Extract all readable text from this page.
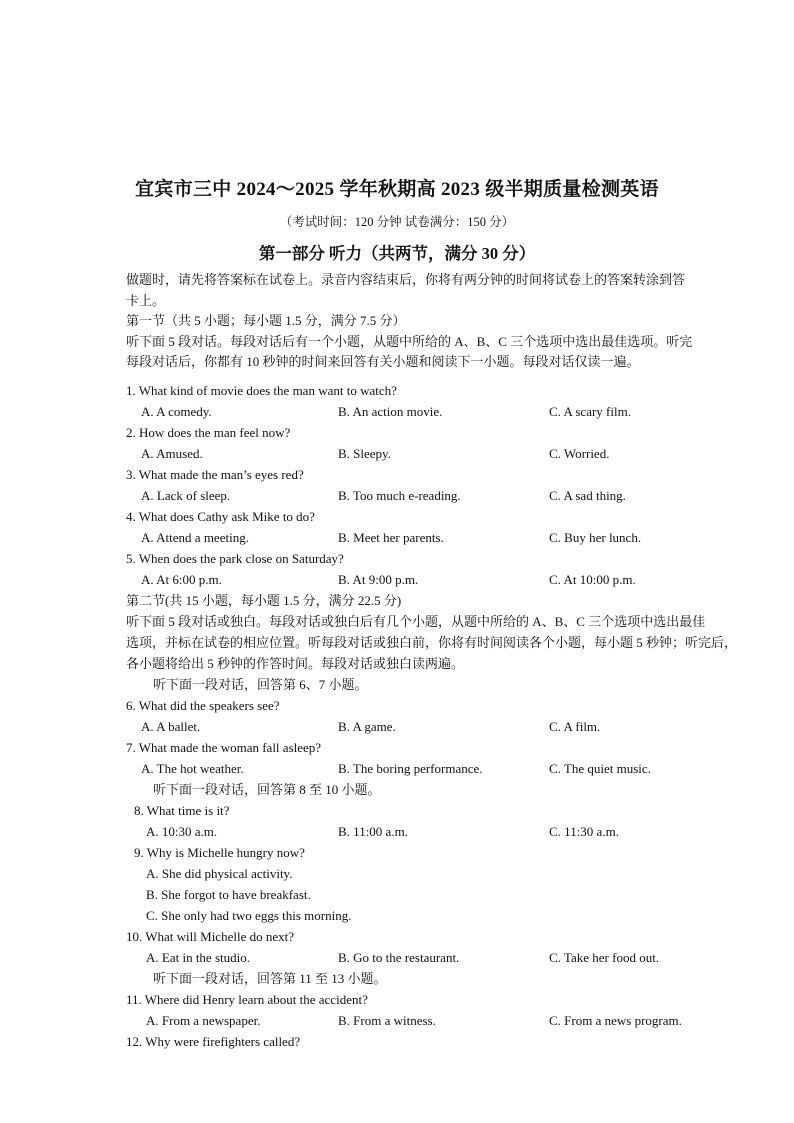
宜宾市三中 2024～2025 学年秋期高 2023 级半期质量检测英语
（考试时间：120 分钟 试卷满分：150 分）
第一部分 听力（共两节，满分 30 分）

做题时，请先将答案标在试卷上。录音内容结束后，你将有两分钟的时间将试卷上的答案转涂到答

卡上。

第一节（共 5 小题；每小题 1.5 分，满分 7.5 分）

听下面 5 段对话。每段对话后有一个小题，从题中所给的 A、B、C 三个选项中选出最佳选项。听完

每段对话后，你都有 10 秒钟的时间来回答有关小题和阅读下一小题。每段对话仅读一遍。

1. What kind of movie does the man want to watch?
A. A comedy.	B. An action movie.	C. A scary film.
2. How does the man feel now?
A. Amused.	B. Sleepy.	C. Worried.
3. What made the man’s eyes red?
A. Lack of sleep.	B. Too much e-reading.	C. A sad thing.
4. What does Cathy ask Mike to do?
A. Attend a meeting.	B. Meet her parents.	C. Buy her lunch.
5. When does the park close on Saturday?
A. At 6:00 p.m.	B. At 9:00 p.m.	C. At 10:00 p.m.
第二节(共 15 小题，每小题 1.5 分，满分 22.5 分)
听下面 5 段对话或独白。每段对话或独白后有几个小题，从题中所给的 A、B、C 三个选项中选出最佳
选项，并标在试卷的相应位置。听每段对话或独白前，你将有时间阅读各个小题，每小题 5 秒钟；听完后，
各小题将给出 5 秒钟的作答时间。每段对话或独白读两遍。
听下面一段对话，回答第 6、7 小题。
6. What did the speakers see?
A. A ballet.	B. A game.	C. A film.
7. What made the woman fall asleep?
A. The hot weather.	B. The boring performance.	C. The quiet music.
听下面一段对话，回答第 8 至 10 小题。
8. What time is it?
A. 10:30 a.m.	B. 11:00 a.m.	C. 11:30 a.m.
9. Why is Michelle hungry now?
A. She did physical activity.
B. She forgot to have breakfast.
C. She only had two eggs this morning.
10. What will Michelle do next?
A. Eat in the studio.	B. Go to the restaurant.	C. Take her food out.
听下面一段对话，回答第 11 至 13 小题。
11. Where did Henry learn about the accident?
A. From a newspaper.	B. From a witness.	C. From a news program.
12. Why were firefighters called?
